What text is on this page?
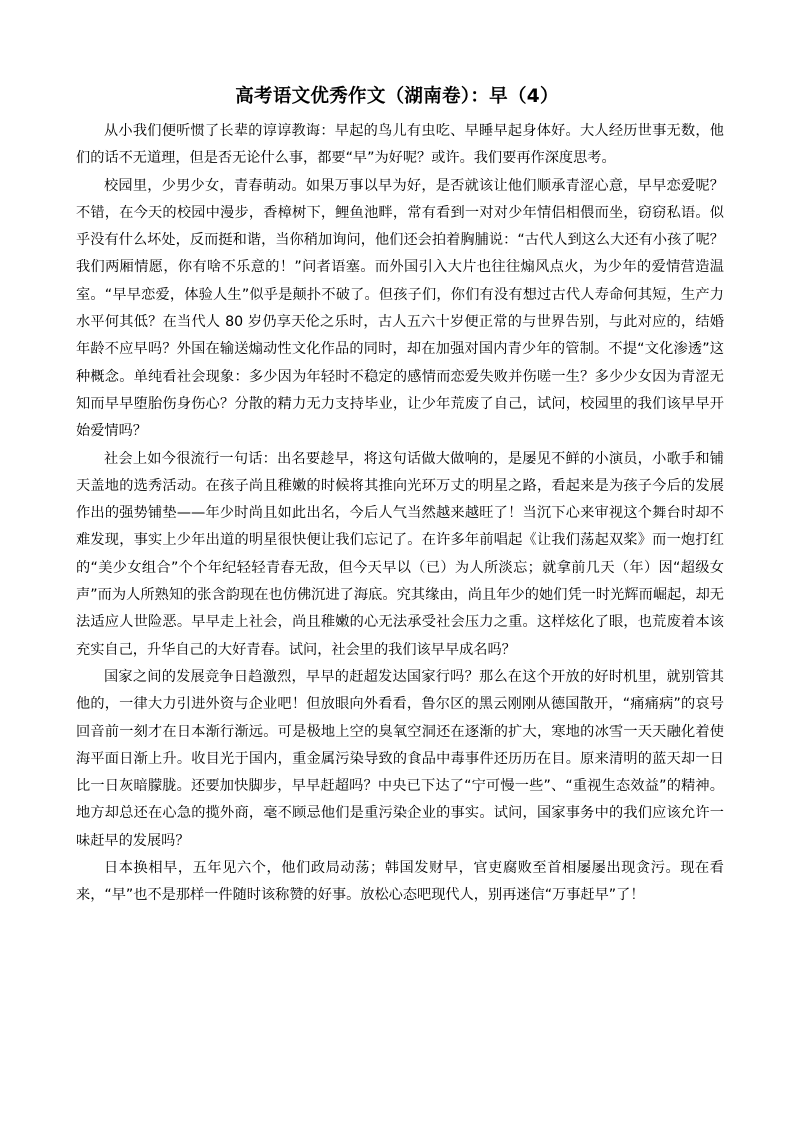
高考语文优秀作文（湖南卷）：早（4）

从小我们便听惯了长辈的谆谆教诲：早起的鸟儿有虫吃、早睡早起身体好。大人经历世事无数，他们的话不无道理，但是否无论什么事，都要“早”为好呢？或许。我们要再作深度思考。

校园里，少男少女，青春萌动。如果万事以早为好，是否就该让他们顺承青涩心意，早早恋爱呢？不错，在今天的校园中漫步，香樟树下，鲤鱼池畔，常有看到一对对少年情侣相偎而坐，窃窃私语。似乎没有什么坏处，反而挺和谐，当你稍加询问，他们还会拍着胸脯说：“古代人到这么大还有小孩了呢？我们两厢情愿，你有啥不乐意的！”问者语塞。而外国引入大片也往往煽风点火，为少年的爱情营造温室。“早早恋爱，体验人生”似乎是颠扑不破了。但孩子们，你们有没有想过古代人寿命何其短，生产力水平何其低？在当代人 80 岁仍享天伦之乐时，古人五六十岁便正常的与世界告别，与此对应的，结婚年龄不应早吗？外国在输送煽动性文化作品的同时，却在加强对国内青少年的管制。不提“文化渗透”这种概念。单纯看社会现象：多少因为年轻时不稳定的感情而恋爱失败并伤嗟一生？多少少女因为青涩无知而早早堕胎伤身伤心？分散的精力无力支持毕业，让少年荒废了自己，试问，校园里的我们该早早开始爱情吗？

社会上如今很流行一句话：出名要趁早，将这句话做大做响的，是屡见不鲜的小演员，小歌手和铺天盖地的选秀活动。在孩子尚且稚嫩的时候将其推向光环万丈的明星之路，看起来是为孩子今后的发展作出的强势铺垫——年少时尚且如此出名，今后人气当然越来越旺了！当沉下心来审视这个舞台时却不难发现，事实上少年出道的明星很快便让我们忘记了。在许多年前唱起《让我们荡起双桨》而一炮打红的“美少女组合”个个年纪轻轻青春无敌，但今天早以（已）为人所淡忘；就拿前几天（年）因“超级女声”而为人所熟知的张含韵现在也仿佛沉进了海底。究其缘由，尚且年少的她们凭一时光辉而崛起，却无法适应人世险恶。早早走上社会，尚且稚嫩的心无法承受社会压力之重。这样炫化了眼，也荒废着本该充实自己，升华自己的大好青春。试问，社会里的我们该早早成名吗？

国家之间的发展竞争日趋激烈，早早的赶超发达国家行吗？那么在这个开放的好时机里，就别管其他的，一律大力引进外资与企业吧！但放眼向外看看，鲁尔区的黑云刚刚从德国散开，“痛痛病”的哀号回音前一刻才在日本渐行渐远。可是极地上空的臭氧空洞还在逐渐的扩大，寒地的冰雪一天天融化着使海平面日渐上升。收目光于国内，重金属污染导致的食品中毒事件还历历在目。原来清明的蓝天却一日比一日灰暗朦胧。还要加快脚步，早早赶超吗？中央已下达了“宁可慢一些”、“重视生态效益”的精神。地方却总还在心急的揽外商，毫不顾忌他们是重污染企业的事实。试问，国家事务中的我们应该允许一味赶早的发展吗？

日本换相早，五年见六个，他们政局动荡；韩国发财早，官吏腐败至首相屡屡出现贪污。现在看来，“早”也不是那样一件随时该称赞的好事。放松心态吧现代人，别再迷信“万事赶早”了！
